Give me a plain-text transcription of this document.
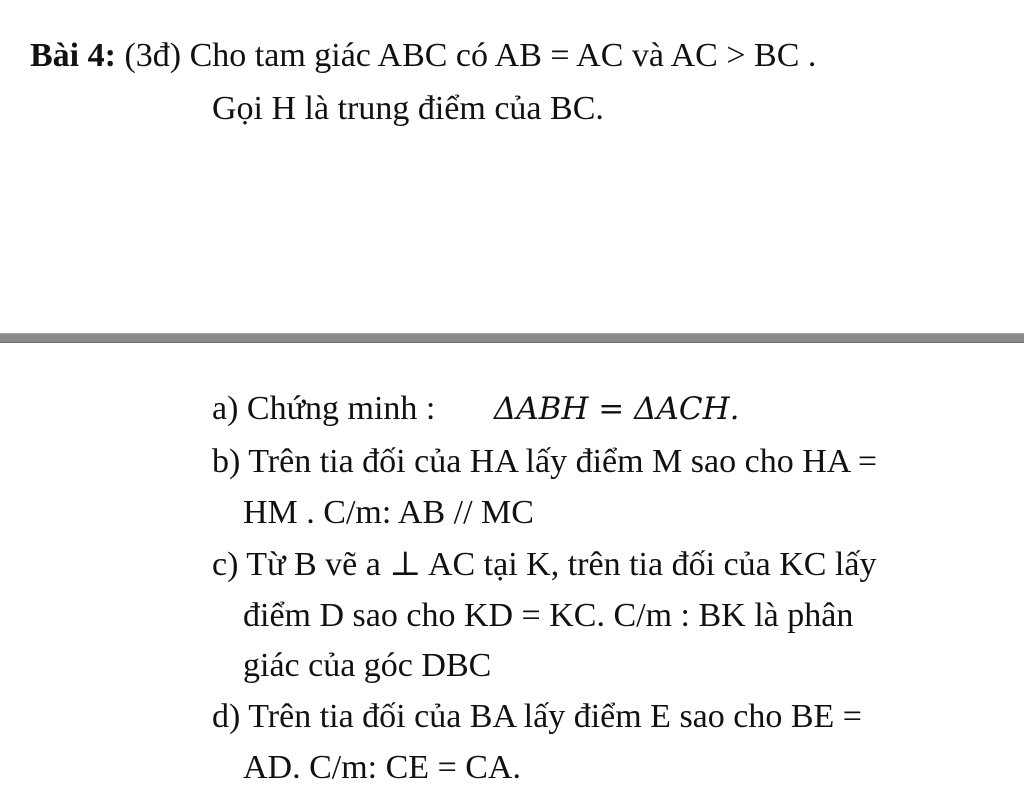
Bài 4: (3đ) Cho tam giác ABC có AB = AC và AC > BC .
Gọi H là trung điểm của BC.
a) Chứng minh : ΔABH = ΔACH.
b) Trên tia đối của HA lấy điểm M sao cho HA =
HM . C/m: AB // MC
c) Từ B vẽ a ⊥ AC tại K, trên tia đối của KC lấy
điểm D sao cho KD = KC. C/m : BK là phân
giác của góc DBC
d) Trên tia đối của BA lấy điểm E sao cho BE =
AD. C/m: CE = CA.
